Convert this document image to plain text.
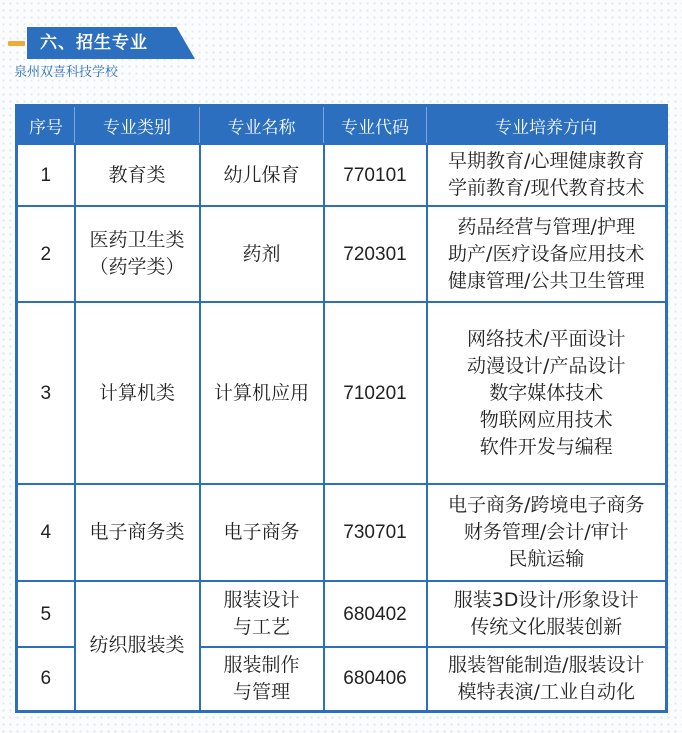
六、招生专业
泉州双喜科技学校
序号	专业类别	专业名称	专业代码	专业培养方向
1	教育类	幼儿保育	770101	早期教育/心理健康教育
学前教育/现代教育技术

2	医药卫生类
（药学类）	药剂	720301	药品经营与管理/护理
助产/医疗设备应用技术
健康管理/公共卫生管理

3	计算机类	计算机应用	710201	网络技术/平面设计
动漫设计/产品设计
数字媒体技术
物联网应用技术
软件开发与编程

4	电子商务类	电子商务	730701	电子商务/跨境电子商务
财务管理/会计/审计
民航运输

5	纺织服装类	服装设计
与工艺	680402	服装3D设计/形象设计
传统文化服装创新

6		服装制作
与管理	680406	服装智能制造/服装设计
模特表演/工业自动化
